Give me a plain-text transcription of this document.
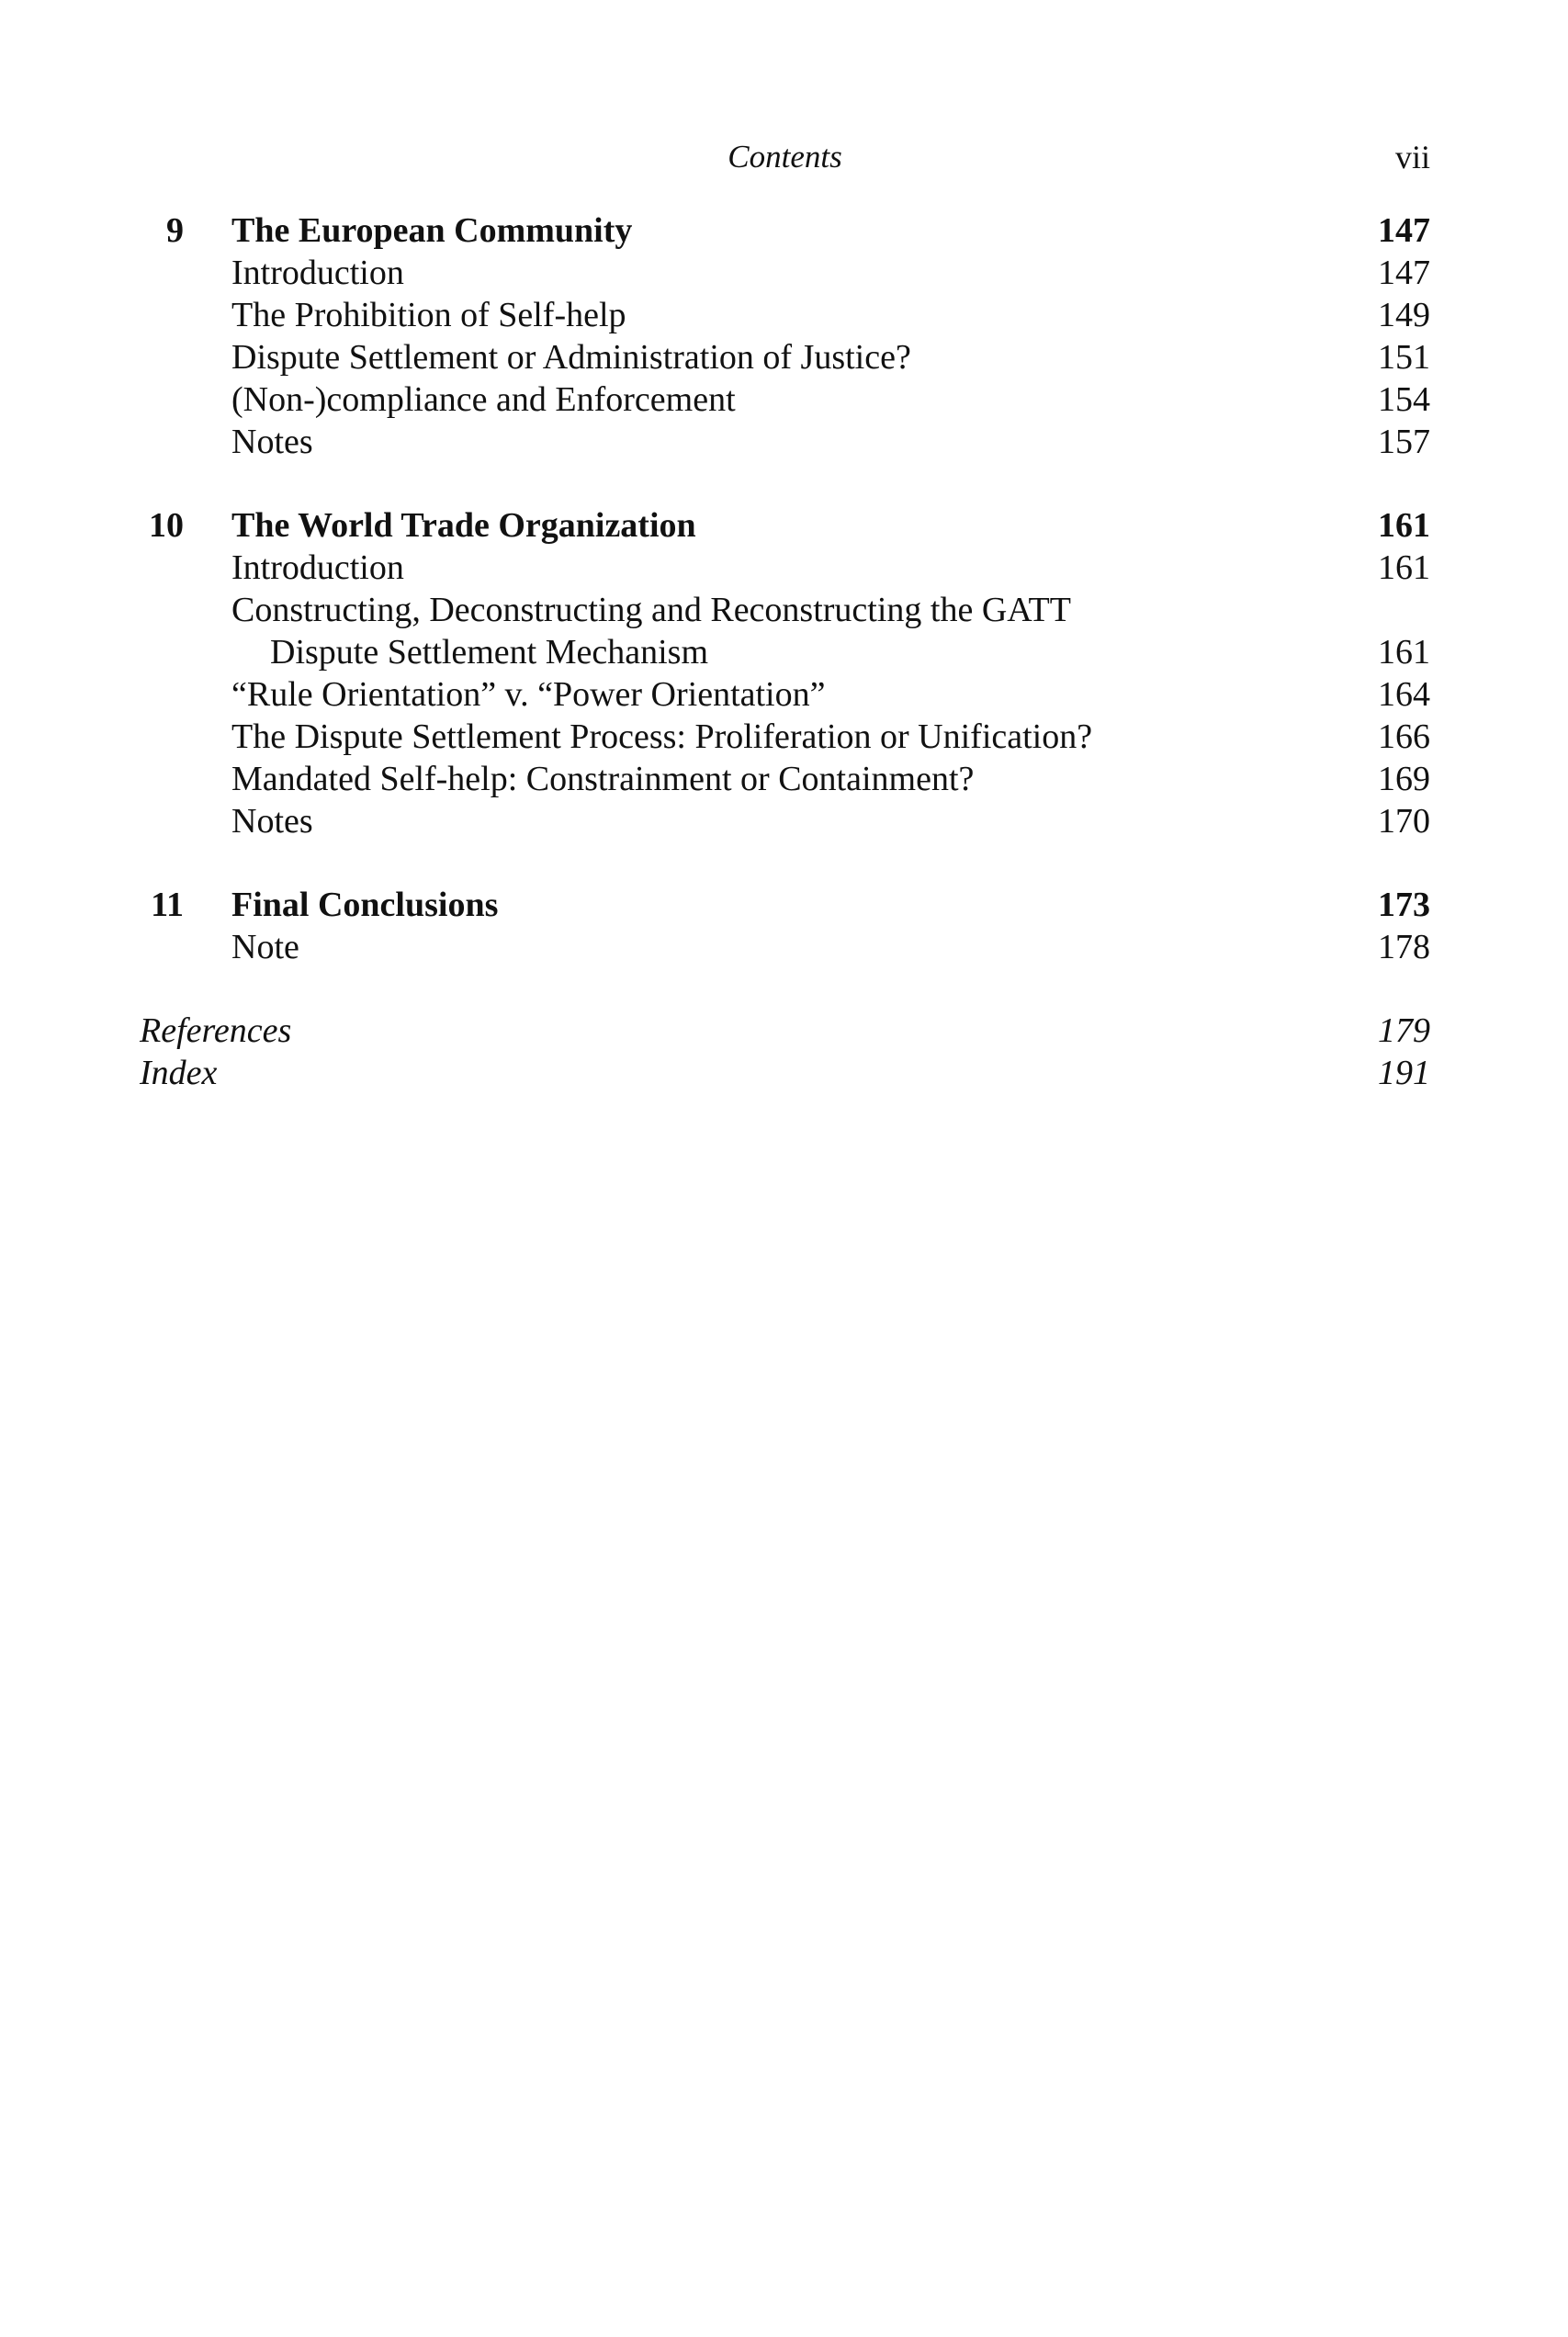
Contents	vii
9 The European Community	147
Introduction	147
The Prohibition of Self-help	149
Dispute Settlement or Administration of Justice?	151
(Non-)compliance and Enforcement	154
Notes	157
10 The World Trade Organization	161
Introduction	161
Constructing, Deconstructing and Reconstructing the GATT
Dispute Settlement Mechanism	161
“Rule Orientation” v. “Power Orientation”	164
The Dispute Settlement Process: Proliferation or Unification?	166
Mandated Self-help: Constrainment or Containment?	169
Notes	170
11 Final Conclusions	173
Note	178
References	179
Index	191
